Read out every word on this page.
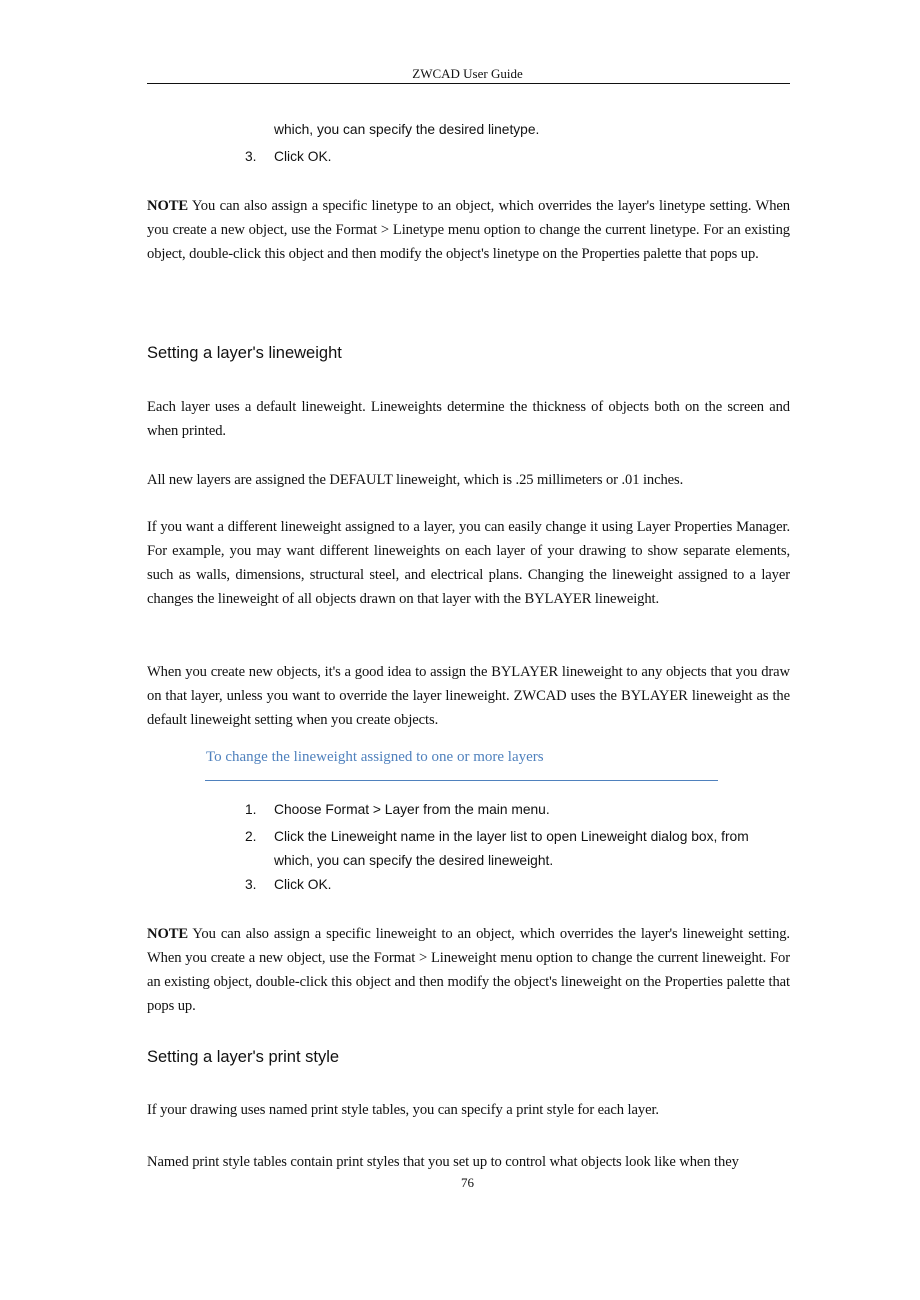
ZWCAD User Guide
which, you can specify the desired linetype.
3. Click OK.
NOTE You can also assign a specific linetype to an object, which overrides the layer's linetype setting. When you create a new object, use the Format > Linetype menu option to change the current linetype. For an existing object, double-click this object and then modify the object's linetype on the Properties palette that pops up.
Setting a layer's lineweight
Each layer uses a default lineweight. Lineweights determine the thickness of objects both on the screen and when printed.
All new layers are assigned the DEFAULT lineweight, which is .25 millimeters or .01 inches.
If you want a different lineweight assigned to a layer, you can easily change it using Layer Properties Manager. For example, you may want different lineweights on each layer of your drawing to show separate elements, such as walls, dimensions, structural steel, and electrical plans. Changing the lineweight assigned to a layer changes the lineweight of all objects drawn on that layer with the BYLAYER lineweight.
When you create new objects, it's a good idea to assign the BYLAYER lineweight to any objects that you draw on that layer, unless you want to override the layer lineweight. ZWCAD uses the BYLAYER lineweight as the default lineweight setting when you create objects.
To change the lineweight assigned to one or more layers
1. Choose Format > Layer from the main menu.
2. Click the Lineweight name in the layer list to open Lineweight dialog box, from which, you can specify the desired lineweight.
3. Click OK.
NOTE You can also assign a specific lineweight to an object, which overrides the layer's lineweight setting. When you create a new object, use the Format > Lineweight menu option to change the current lineweight. For an existing object, double-click this object and then modify the object's lineweight on the Properties palette that pops up.
Setting a layer's print style
If your drawing uses named print style tables, you can specify a print style for each layer.
Named print style tables contain print styles that you set up to control what objects look like when they
76
